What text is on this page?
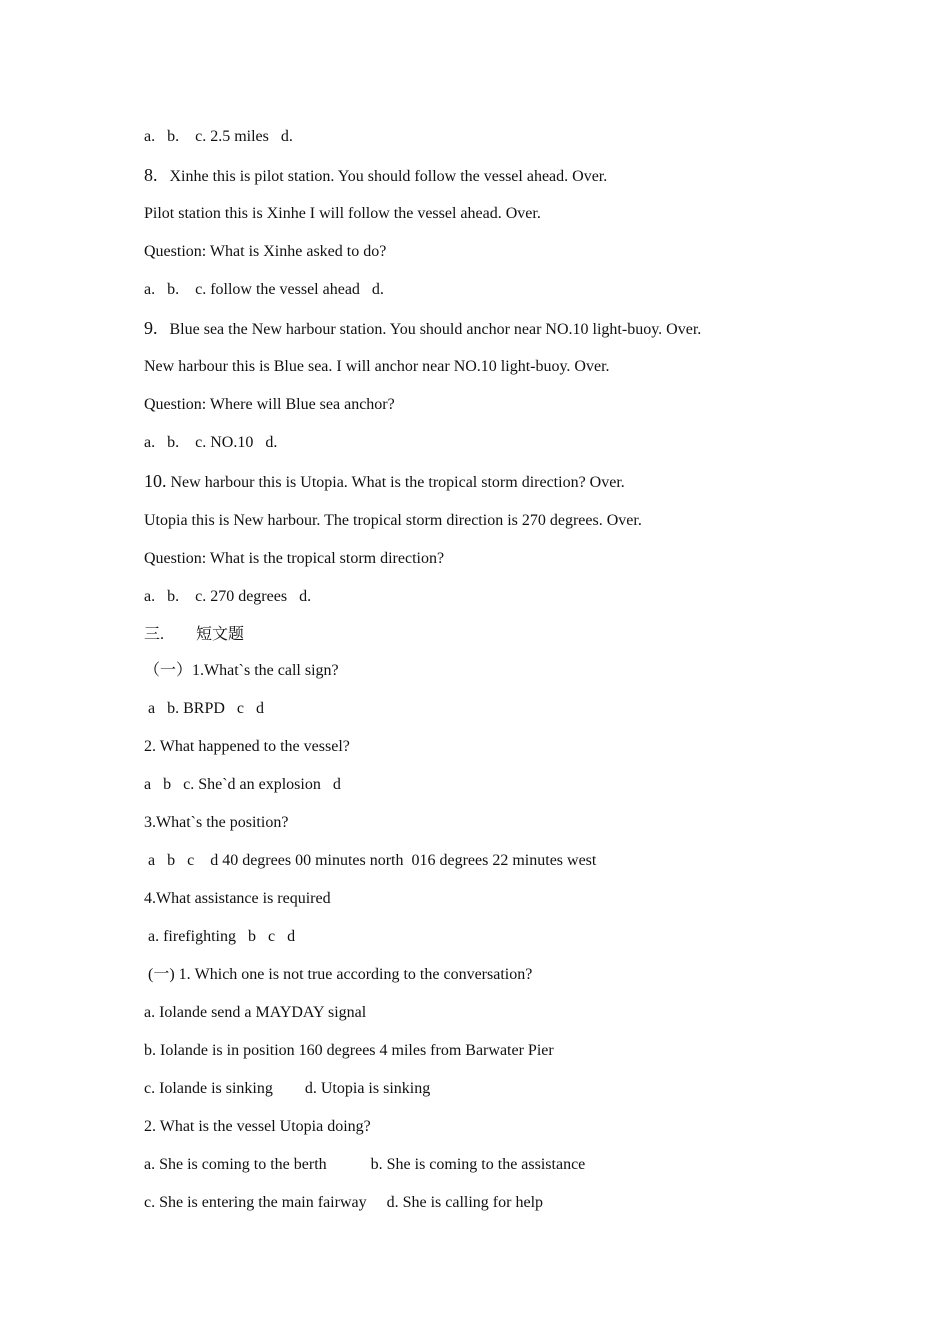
a.   b.    c. 2.5 miles   d.
8. Xinhe this is pilot station. You should follow the vessel ahead. Over.
Pilot station this is Xinhe I will follow the vessel ahead. Over.
Question: What is Xinhe asked to do?
a.   b.    c. follow the vessel ahead   d.
9. Blue sea the New harbour station. You should anchor near NO.10 light-buoy. Over.
New harbour this is Blue sea. I will anchor near NO.10 light-buoy. Over.
Question: Where will Blue sea anchor?
a.   b.    c. NO.10   d.
10. New harbour this is Utopia. What is the tropical storm direction? Over.
Utopia this is New harbour. The tropical storm direction is 270 degrees. Over.
Question: What is the tropical storm direction?
a.   b.    c. 270 degrees   d.
三.        短文题
（一）1.What`s the call sign?
a   b. BRPD   c   d
2. What happened to the vessel?
a   b   c. She`d an explosion   d
3.What`s the position?
a   b   c    d 40 degrees 00 minutes north  016 degrees 22 minutes west
4.What assistance is required
a. firefighting   b   c   d
(一) 1. Which one is not true according to the conversation?
a. Iolande send a MAYDAY signal
b. Iolande is in position 160 degrees 4 miles from Barwater Pier
c. Iolande is sinking        d. Utopia is sinking
2. What is the vessel Utopia doing?
a. She is coming to the berth           b. She is coming to the assistance
c. She is entering the main fairway     d. She is calling for help
